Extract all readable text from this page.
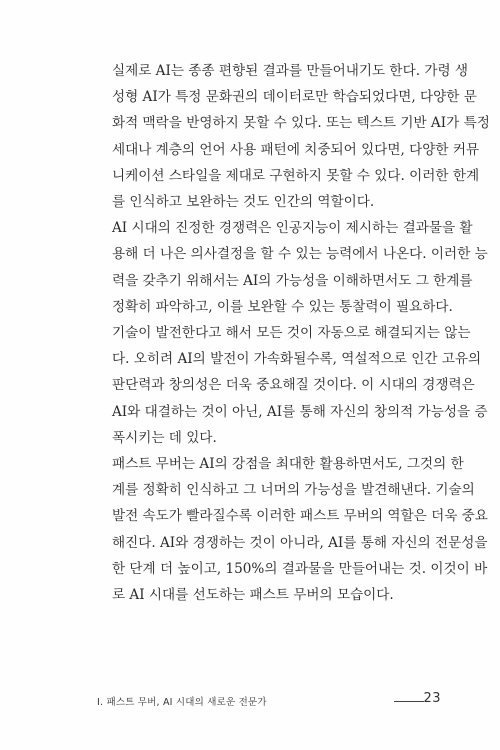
실제로 AI는 종종 편향된 결과를 만들어내기도 한다. 가령 생
성형 AI가 특정 문화권의 데이터로만 학습되었다면, 다양한 문
화적 맥락을 반영하지 못할 수 있다. 또는 텍스트 기반 AI가 특정
세대나 계층의 언어 사용 패턴에 치중되어 있다면, 다양한 커뮤
니케이션 스타일을 제대로 구현하지 못할 수 있다. 이러한 한계
를 인식하고 보완하는 것도 인간의 역할이다.

AI 시대의 진정한 경쟁력은 인공지능이 제시하는 결과물을 활
용해 더 나은 의사결정을 할 수 있는 능력에서 나온다. 이러한 능
력을 갖추기 위해서는 AI의 가능성을 이해하면서도 그 한계를
정확히 파악하고, 이를 보완할 수 있는 통찰력이 필요하다.

기술이 발전한다고 해서 모든 것이 자동으로 해결되지는 않는
다. 오히려 AI의 발전이 가속화될수록, 역설적으로 인간 고유의
판단력과 창의성은 더욱 중요해질 것이다. 이 시대의 경쟁력은
AI와 대결하는 것이 아닌, AI를 통해 자신의 창의적 가능성을 증
폭시키는 데 있다.

패스트 무버는 AI의 강점을 최대한 활용하면서도, 그것의 한
계를 정확히 인식하고 그 너머의 가능성을 발견해낸다. 기술의
발전 속도가 빨라질수록 이러한 패스트 무버의 역할은 더욱 중요
해진다. AI와 경쟁하는 것이 아니라, AI를 통해 자신의 전문성을
한 단계 더 높이고, 150%의 결과물을 만들어내는 것. 이것이 바
로 AI 시대를 선도하는 패스트 무버의 모습이다.

I. 패스트 무버, AI 시대의 새로운 전문가	23
